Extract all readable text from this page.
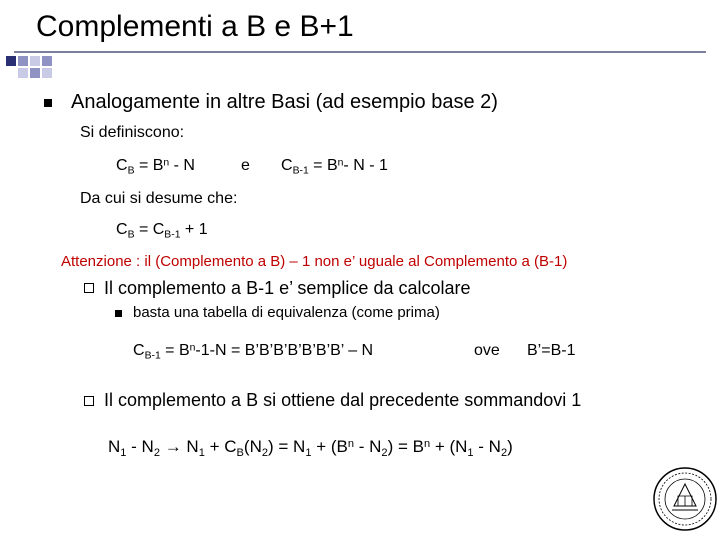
Complementi a B e B+1
Analogamente in altre Basi (ad esempio base 2)
Si definiscono:
$C_B = B^n - N$	e $C_{B-1} = B^n-$ N - 1
Da cui si desume che:
$C_B = C_{B-1} + 1$
Attenzione : il (Complemento a B) – 1 non e’ uguale al Complemento a (B-1)
Il complemento a B-1 e’ semplice da calcolare
basta una tabella di equivalenza (come prima)
$C_{B-1} = B^n-1-N$ = B’B’B’B’B’B’B’ – N	ove B’=B-1
Il complemento a B si ottiene dal precedente sommandovi 1
$N_1 - N_2 \to N_1 + C_B(N_2) = N_1 + (B^n - N_2) = B^n + (N_1 - N_2)$
